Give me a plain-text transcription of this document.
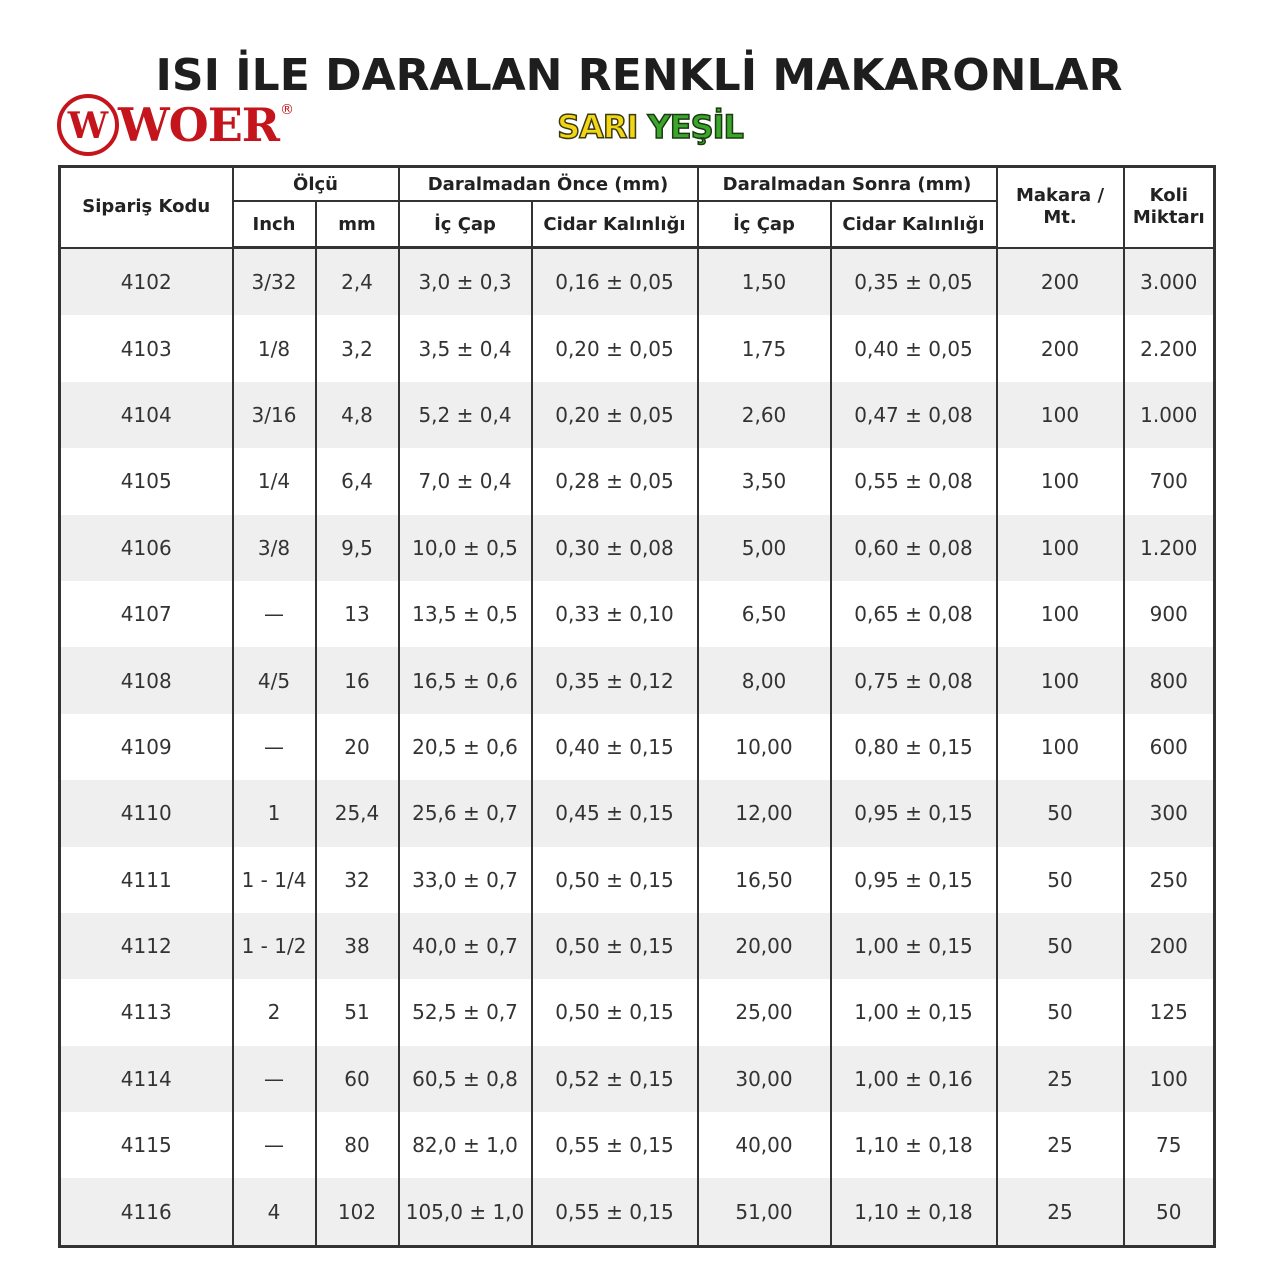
ISI İLE DARALAN RENKLİ MAKARONLAR
W WOER ®	SARI YEŞİL
Sipariş Kodu	Ölçü		Daralmadan Önce (mm)		Daralmadan Sonra (mm)		Makara / Mt.	Koli Miktarı
	Inch	mm	İç Çap	Cidar Kalınlığı	İç Çap	Cidar Kalınlığı		
4102	3/32	2,4	3,0 ± 0,3	0,16 ± 0,05	1,50	0,35 ± 0,05	200	3.000
4103	1/8	3,2	3,5 ± 0,4	0,20 ± 0,05	1,75	0,40 ± 0,05	200	2.200
4104	3/16	4,8	5,2 ± 0,4	0,20 ± 0,05	2,60	0,47 ± 0,08	100	1.000
4105	1/4	6,4	7,0 ± 0,4	0,28 ± 0,05	3,50	0,55 ± 0,08	100	700
4106	3/8	9,5	10,0 ± 0,5	0,30 ± 0,08	5,00	0,60 ± 0,08	100	1.200
4107	—	13	13,5 ± 0,5	0,33 ± 0,10	6,50	0,65 ± 0,08	100	900
4108	4/5	16	16,5 ± 0,6	0,35 ± 0,12	8,00	0,75 ± 0,08	100	800
4109	—	20	20,5 ± 0,6	0,40 ± 0,15	10,00	0,80 ± 0,15	100	600
4110	1	25,4	25,6 ± 0,7	0,45 ± 0,15	12,00	0,95 ± 0,15	50	300
4111	1 - 1/4	32	33,0 ± 0,7	0,50 ± 0,15	16,50	0,95 ± 0,15	50	250
4112	1 - 1/2	38	40,0 ± 0,7	0,50 ± 0,15	20,00	1,00 ± 0,15	50	200
4113	2	51	52,5 ± 0,7	0,50 ± 0,15	25,00	1,00 ± 0,15	50	125
4114	—	60	60,5 ± 0,8	0,52 ± 0,15	30,00	1,00 ± 0,16	25	100
4115	—	80	82,0 ± 1,0	0,55 ± 0,15	40,00	1,10 ± 0,18	25	75
4116	4	102	105,0 ± 1,0	0,55 ± 0,15	51,00	1,10 ± 0,18	25	50
